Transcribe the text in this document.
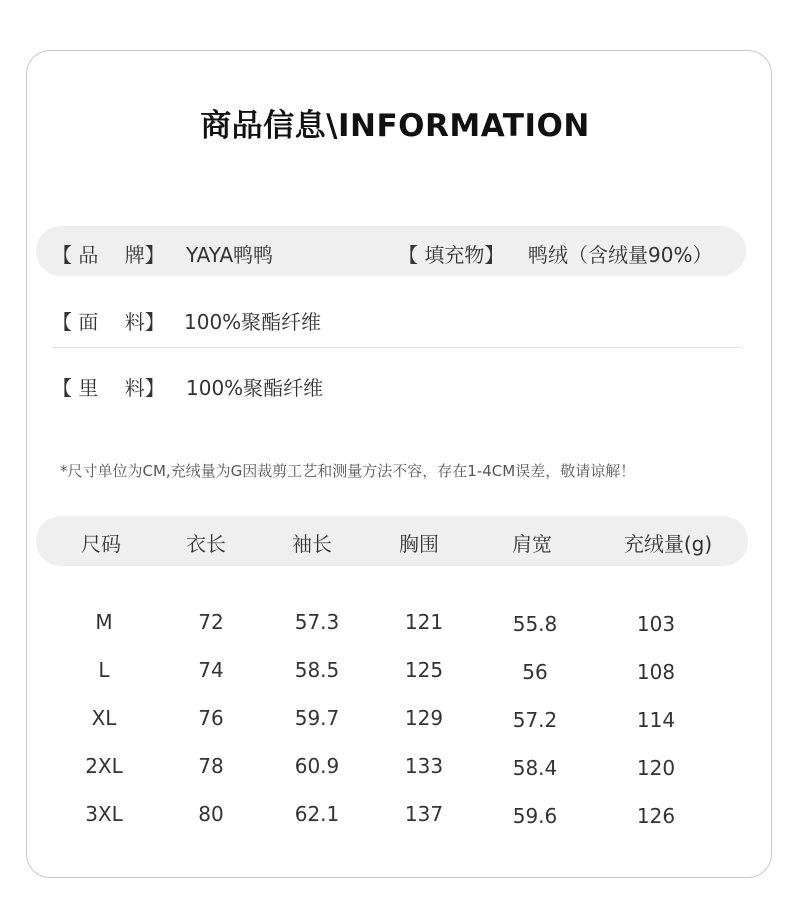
商品信息\INFORMATION
【 品　 牌】 YAYA鸭鸭	【 填充物】 鸭绒（含绒量90%）
【 面　 料】 100%聚酯纤维
【 里　 料】 100%聚酯纤维
*尺寸单位为CM,充绒量为G因裁剪工艺和测量方法不容，存在1-4CM误差，敬请谅解！
尺码	衣长	袖长	胸围	肩宽	充绒量(g)
M	72	57.3	121	55.8	103
L	74	58.5	125	56	108
XL	76	59.7	129	57.2	114
2XL	78	60.9	133	58.4	120
3XL	80	62.1	137	59.6	126
